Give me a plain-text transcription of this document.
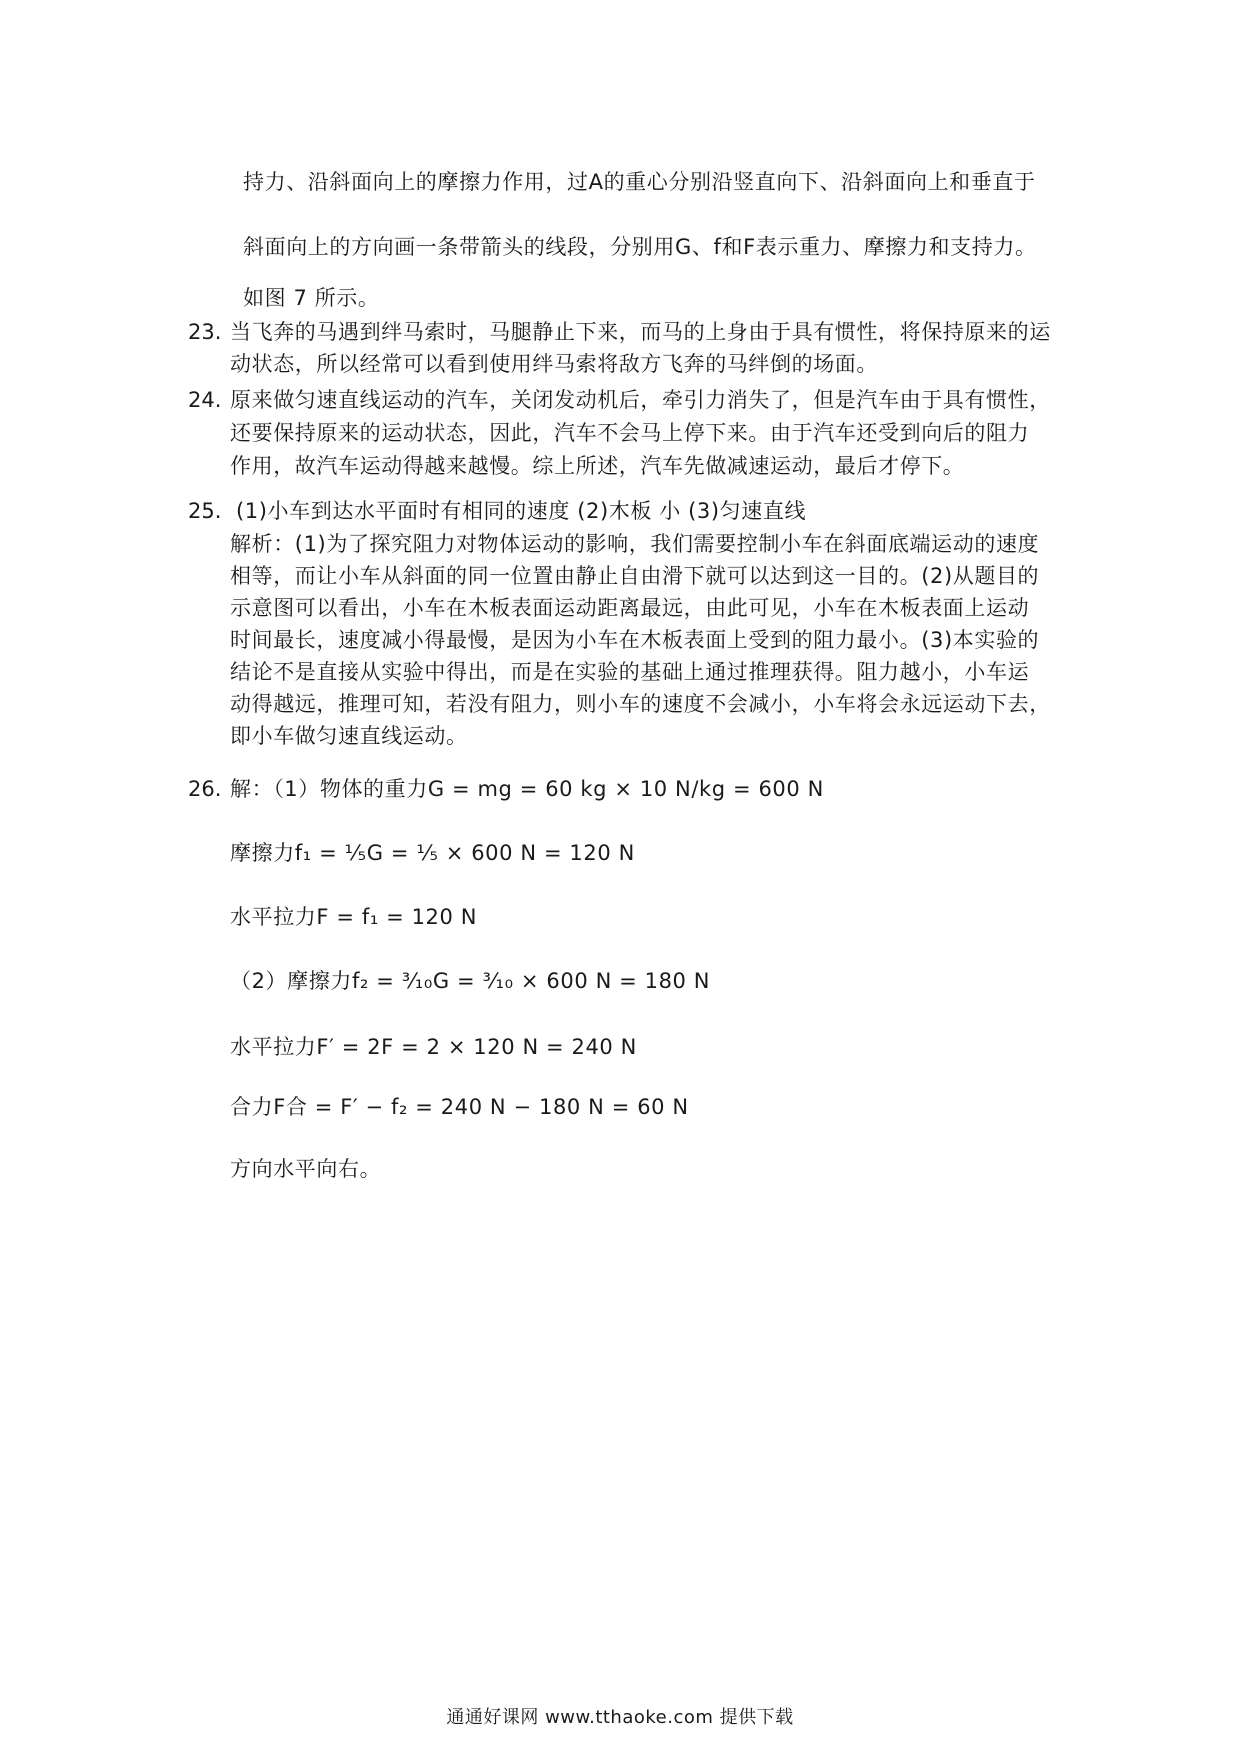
持力、沿斜面向上的摩擦力作用，过A的重心分别沿竖直向下、沿斜面向上和垂直于
斜面向上的方向画一条带箭头的线段，分别用G、f和F表示重力、摩擦力和支持力。
如图 7 所示。
23. 当飞奔的马遇到绊马索时，马腿静止下来，而马的上身由于具有惯性，将保持原来的运
动状态，所以经常可以看到使用绊马索将敌方飞奔的马绊倒的场面。
24. 原来做匀速直线运动的汽车，关闭发动机后，牵引力消失了，但是汽车由于具有惯性，
还要保持原来的运动状态，因此，汽车不会马上停下来。由于汽车还受到向后的阻力
作用，故汽车运动得越来越慢。综上所述，汽车先做减速运动，最后才停下。
25. (1)小车到达水平面时有相同的速度 (2)木板 小 (3)匀速直线
解析：(1)为了探究阻力对物体运动的影响，我们需要控制小车在斜面底端运动的速度
相等，而让小车从斜面的同一位置由静止自由滑下就可以达到这一目的。(2)从题目的
示意图可以看出，小车在木板表面运动距离最远，由此可见，小车在木板表面上运动
时间最长，速度减小得最慢，是因为小车在木板表面上受到的阻力最小。(3)本实验的
结论不是直接从实验中得出，而是在实验的基础上通过推理获得。阻力越小，小车运
动得越远，推理可知，若没有阻力，则小车的速度不会减小，小车将会永远运动下去，
即小车做匀速直线运动。
26. 解：（1）物体的重力G = mg = 60 kg × 10 N/kg = 600 N
摩擦力f₁ = ¹⁄₅G = ¹⁄₅ × 600 N = 120 N
水平拉力F = f₁ = 120 N
（2）摩擦力f₂ = ³⁄₁₀G = ³⁄₁₀ × 600 N = 180 N
水平拉力F′ = 2F = 2 × 120 N = 240 N
合力F合 = F′ − f₂ = 240 N − 180 N = 60 N
方向水平向右。
通通好课网 www.tthaoke.com 提供下载
